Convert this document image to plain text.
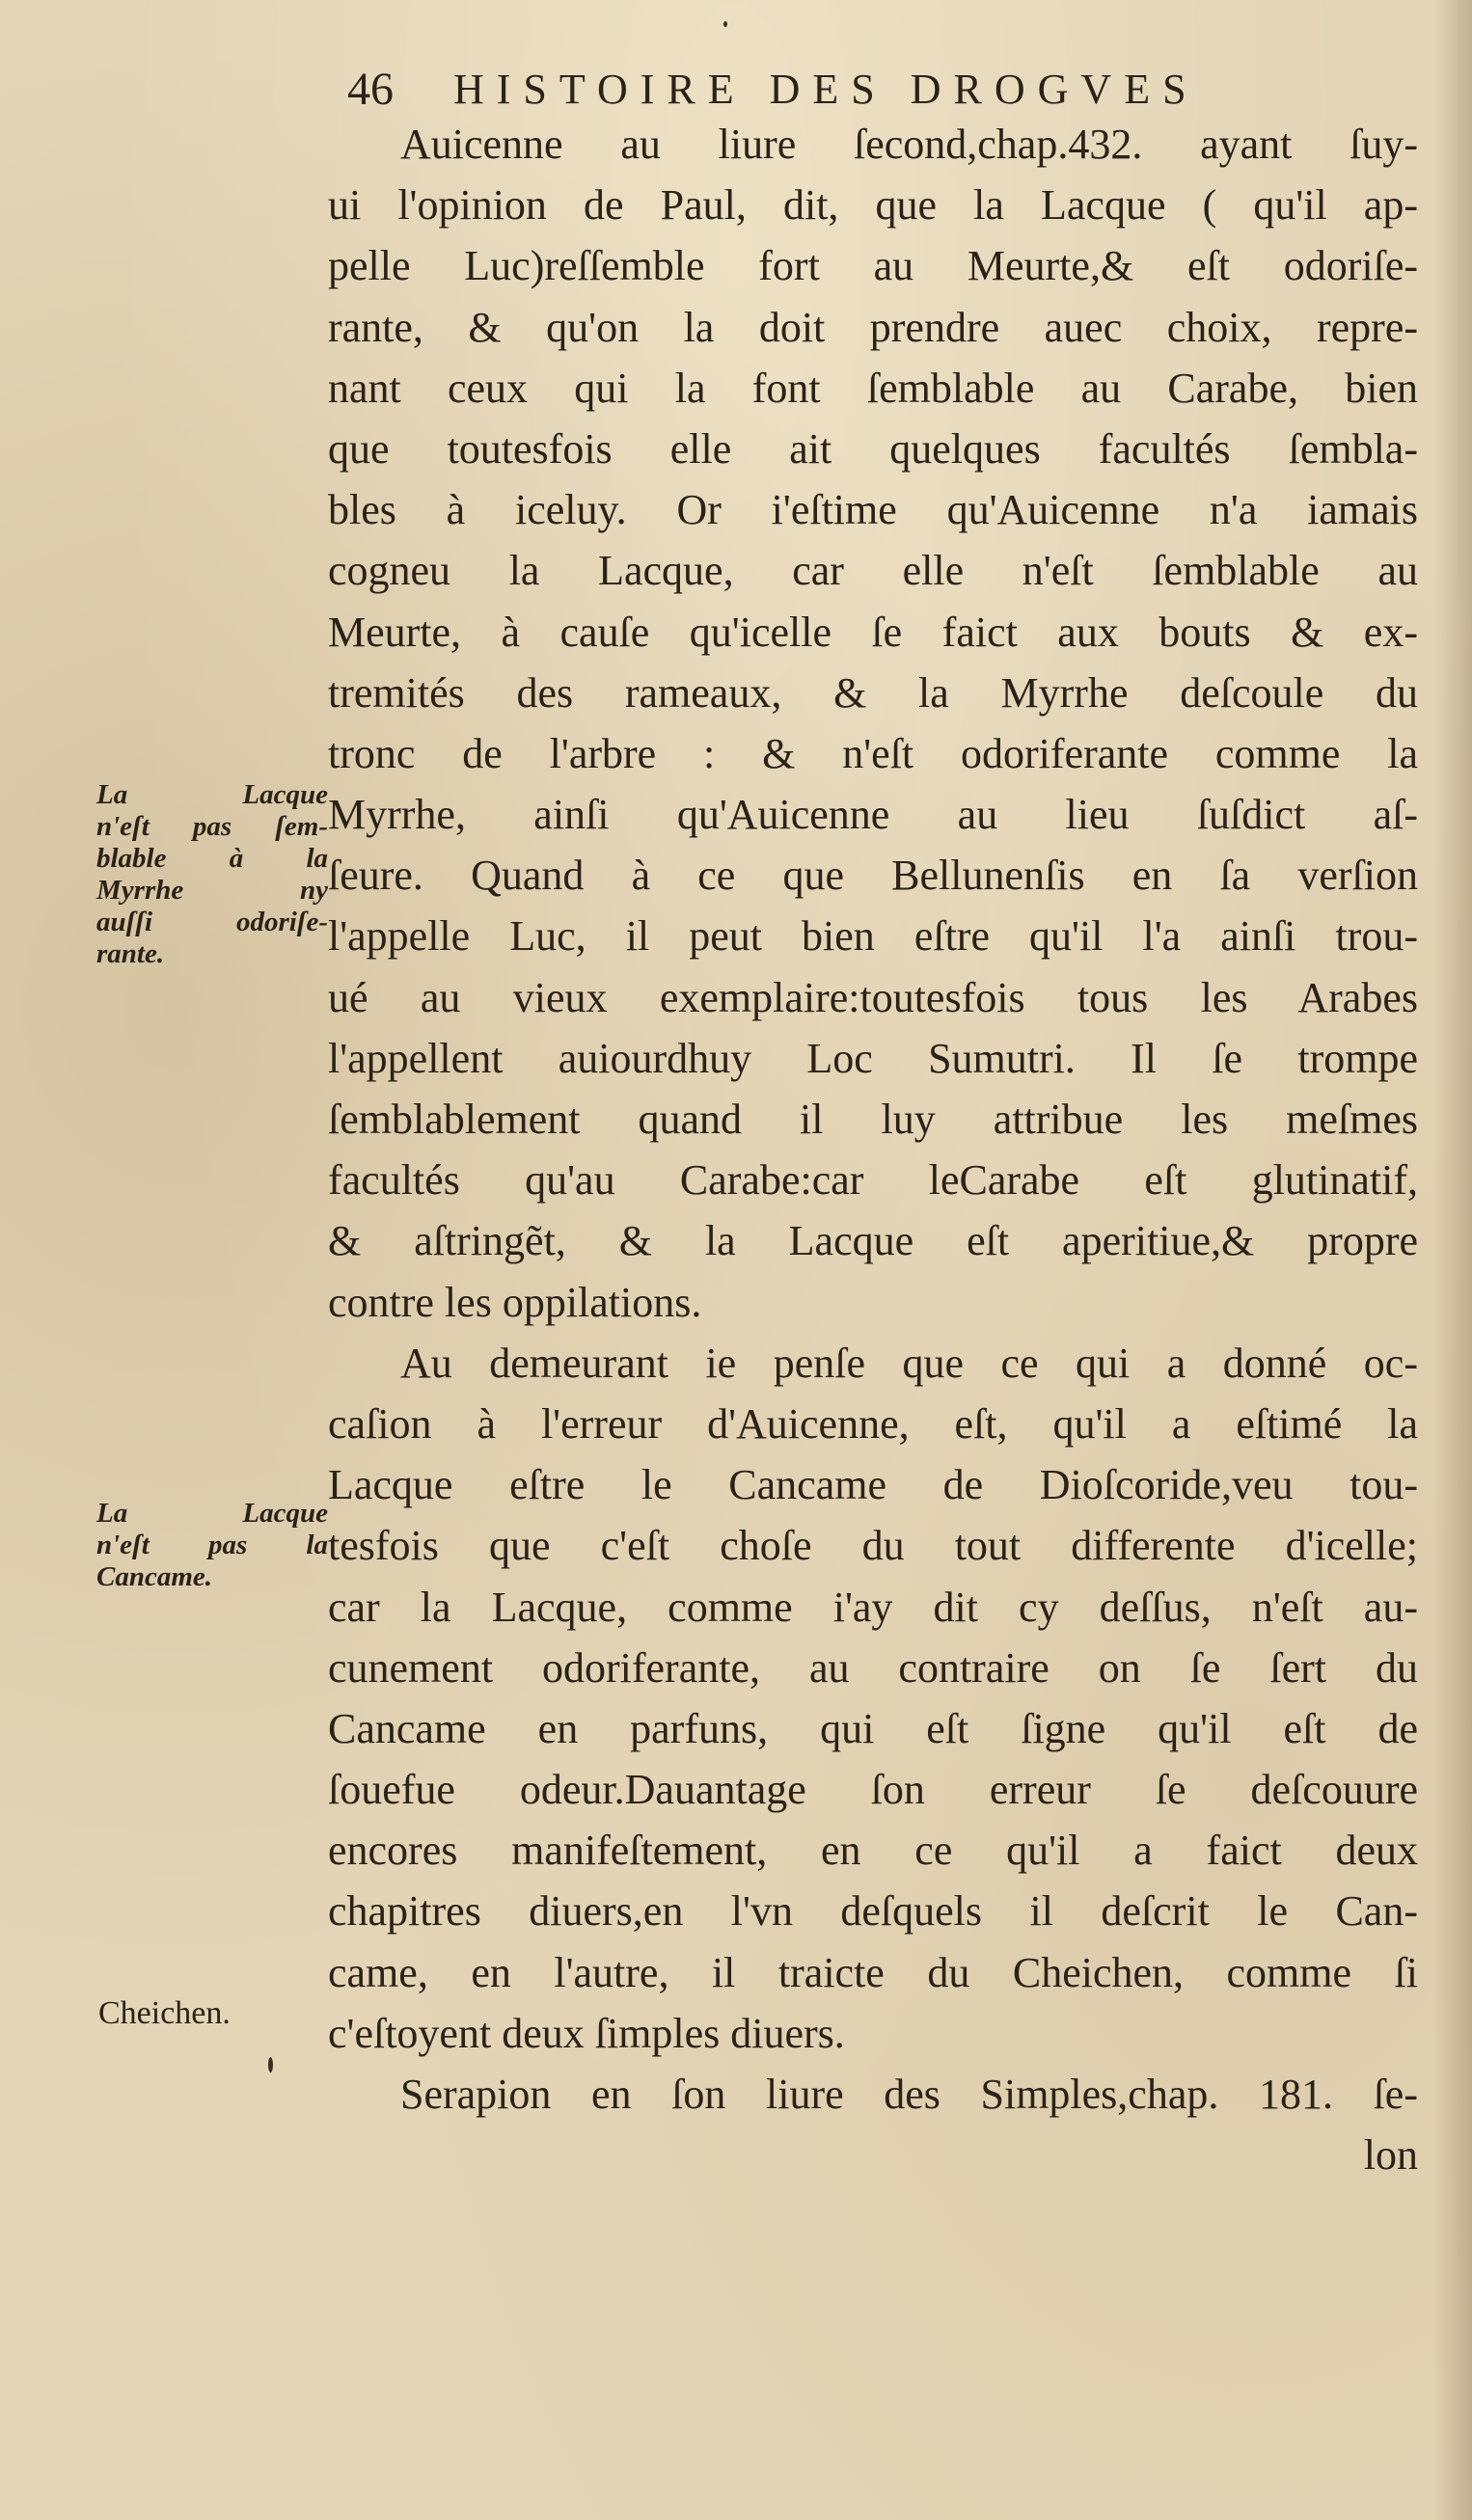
46 HISTOIRE DES DROGVES
Auicenne au liure ſecond,chap.432. ayant ſuy-
ui l'opinion de Paul, dit, que la Lacque ( qu'il ap-
pelle Luc)reſſemble fort au Meurte,& eſt odoriſe-
rante, & qu'on la doit prendre auec choix, repre-
nant ceux qui la font ſemblable au Carabe, bien
que toutesfois elle ait quelques facultés ſembla-
bles à iceluy. Or i'eſtime qu'Auicenne n'a iamais
cogneu la Lacque, car elle n'eſt ſemblable au
Meurte, à cauſe qu'icelle ſe faict aux bouts & ex-
tremités des rameaux, & la Myrrhe deſcoule du
tronc de l'arbre : & n'eſt odoriferante comme la
Myrrhe, ainſi qu'Auicenne au lieu ſuſdict aſ-
ſeure. Quand à ce que Bellunenſis en ſa verſion
l'appelle Luc, il peut bien eſtre qu'il l'a ainſi trou-
ué au vieux exemplaire:toutesfois tous les Arabes
l'appellent auiourdhuy Loc Sumutri. Il ſe trompe
ſemblablement quand il luy attribue les meſmes
facultés qu'au Carabe:car leCarabe eſt glutinatif,
& aſtringẽt, & la Lacque eſt aperitiue,& propre
contre les oppilations.
Au demeurant ie penſe que ce qui a donné oc-
caſion à l'erreur d'Auicenne, eſt, qu'il a eſtimé la
Lacque eſtre le Cancame de Dioſcoride,veu tou-
tesfois que c'eſt choſe du tout differente d'icelle;
car la Lacque, comme i'ay dit cy deſſus, n'eſt au-
cunement odoriferante, au contraire on ſe ſert du
Cancame en parfuns, qui eſt ſigne qu'il eſt de
ſouefue odeur.Dauantage ſon erreur ſe deſcouure
encores manifeſtement, en ce qu'il a faict deux
chapitres diuers,en l'vn deſquels il deſcrit le Can-
came, en l'autre, il traicte du Cheichen, comme ſi
c'eſtoyent deux ſimples diuers.
Serapion en ſon liure des Simples,chap. 181. ſe-
lon
La Lacque
n'eſt pas ſem-
blable à la
Myrrhe ny
auſſi odoriſe-
rante.
La Lacque
n'eſt pas la
Cancame.
Cheichen.
